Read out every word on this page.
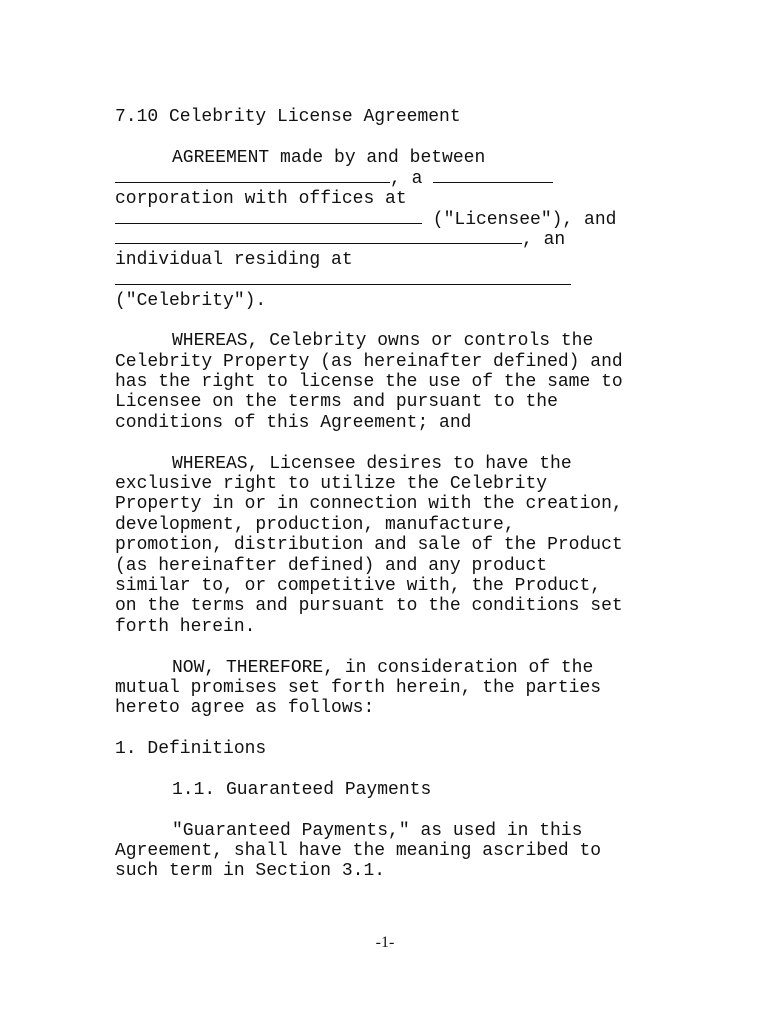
7.10 Celebrity License Agreement
AGREEMENT made by and between
, a
corporation with offices at
("Licensee"), and
, an
individual residing at
("Celebrity").
WHEREAS, Celebrity owns or controls the
Celebrity Property (as hereinafter defined) and
has the right to license the use of the same to
Licensee on the terms and pursuant to the
conditions of this Agreement; and
WHEREAS, Licensee desires to have the
exclusive right to utilize the Celebrity
Property in or in connection with the creation,
development, production, manufacture,
promotion, distribution and sale of the Product
(as hereinafter defined) and any product
similar to, or competitive with, the Product,
on the terms and pursuant to the conditions set
forth herein.
NOW, THEREFORE, in consideration of the
mutual promises set forth herein, the parties
hereto agree as follows:
1. Definitions
1.1. Guaranteed Payments
"Guaranteed Payments," as used in this
Agreement, shall have the meaning ascribed to
such term in Section 3.1.
-1-
